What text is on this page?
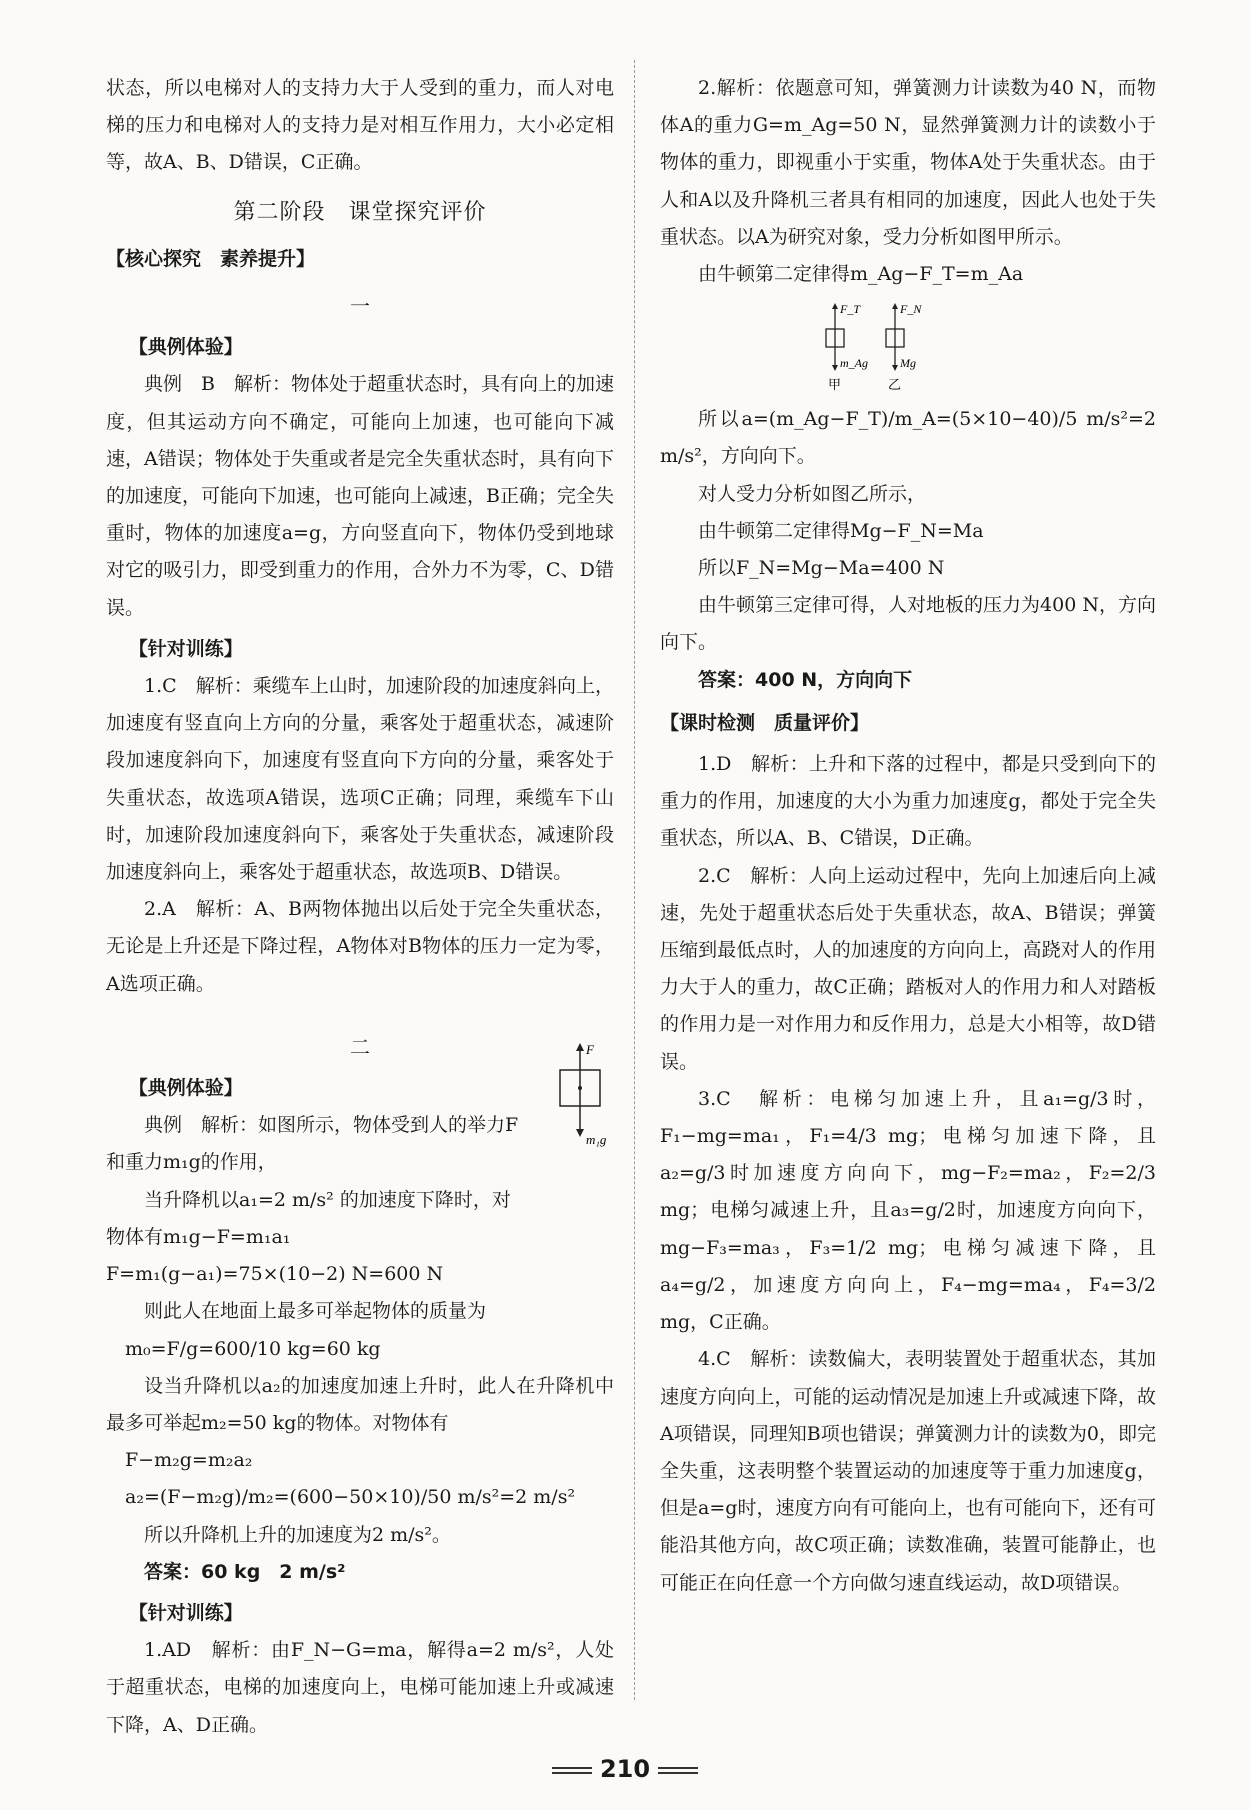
状态，所以电梯对人的支持力大于人受到的重力，而人对电梯的压力和电梯对人的支持力是对相互作用力，大小必定相等，故A、B、D错误，C正确。

第二阶段　课堂探究评价
【核心探究　素养提升】
一
【典例体验】

典例　B　解析：物体处于超重状态时，具有向上的加速度，但其运动方向不确定，可能向上加速，也可能向下减速，A错误；物体处于失重或者是完全失重状态时，具有向下的加速度，可能向下加速，也可能向上减速，B正确；完全失重时，物体的加速度a=g，方向竖直向下，物体仍受到地球对它的吸引力，即受到重力的作用，合外力不为零，C、D错误。

【针对训练】

1.C　解析：乘缆车上山时，加速阶段的加速度斜向上，加速度有竖直向上方向的分量，乘客处于超重状态，减速阶段加速度斜向下，加速度有竖直向下方向的分量，乘客处于失重状态，故选项A错误，选项C正确；同理，乘缆车下山时，加速阶段加速度斜向下，乘客处于失重状态，减速阶段加速度斜向上，乘客处于超重状态，故选项B、D错误。

2.A　解析：A、B两物体抛出以后处于完全失重状态，无论是上升还是下降过程，A物体对B物体的压力一定为零，A选项正确。

二
【典例体验】

典例　解析：如图所示，物体受到人的举力F

和重力m₁g的作用，

当升降机以a₁=2 m/s² 的加速度下降时，对

物体有m₁g−F=m₁a₁

F=m₁(g−a₁)=75×(10−2) N=600 N

则此人在地面上最多可举起物体的质量为

m₀=F/g=600/10 kg=60 kg

设当升降机以a₂的加速度加速上升时，此人在升降机中最多可举起m₂=50 kg的物体。对物体有

F−m₂g=m₂a₂

a₂=(F−m₂g)/m₂=(600−50×10)/50 m/s²=2 m/s²

所以升降机上升的加速度为2 m/s²。

答案：60 kg　2 m/s²

【针对训练】

1.AD　解析：由F_N−G=ma，解得a=2 m/s²，人处于超重状态，电梯的加速度向上，电梯可能加速上升或减速下降，A、D正确。

F
m₁g

2.解析：依题意可知，弹簧测力计读数为40 N，而物体A的重力G=m_Ag=50 N，显然弹簧测力计的读数小于物体的重力，即视重小于实重，物体A处于失重状态。由于人和A以及升降机三者具有相同的加速度，因此人也处于失重状态。以A为研究对象，受力分析如图甲所示。

由牛顿第二定律得m_Ag−F_T=m_Aa

F_T
m_Ag
甲
F_N
Mg
乙

所以a=(m_Ag−F_T)/m_A=(5×10−40)/5 m/s²=2 m/s²，方向向下。

对人受力分析如图乙所示，

由牛顿第二定律得Mg−F_N=Ma

所以F_N=Mg−Ma=400 N

由牛顿第三定律可得，人对地板的压力为400 N，方向向下。

答案：400 N，方向向下

【课时检测　质量评价】

1.D　解析：上升和下落的过程中，都是只受到向下的重力的作用，加速度的大小为重力加速度g，都处于完全失重状态，所以A、B、C错误，D正确。

2.C　解析：人向上运动过程中，先向上加速后向上减速，先处于超重状态后处于失重状态，故A、B错误；弹簧压缩到最低点时，人的加速度的方向向上，高跷对人的作用力大于人的重力，故C正确；踏板对人的作用力和人对踏板的作用力是一对作用力和反作用力，总是大小相等，故D错误。

3.C　解析：电梯匀加速上升，且a₁=g/3时，F₁−mg=ma₁，F₁=4/3 mg；电梯匀加速下降，且a₂=g/3时加速度方向向下，mg−F₂=ma₂，F₂=2/3 mg；电梯匀减速上升，且a₃=g/2时，加速度方向向下，mg−F₃=ma₃，F₃=1/2 mg；电梯匀减速下降，且a₄=g/2，加速度方向向上，F₄−mg=ma₄，F₄=3/2 mg，C正确。

4.C　解析：读数偏大，表明装置处于超重状态，其加速度方向向上，可能的运动情况是加速上升或减速下降，故A项错误，同理知B项也错误；弹簧测力计的读数为0，即完全失重，这表明整个装置运动的加速度等于重力加速度g，但是a=g时，速度方向有可能向上，也有可能向下，还有可能沿其他方向，故C项正确；读数准确，装置可能静止，也可能正在向任意一个方向做匀速直线运动，故D项错误。

210
